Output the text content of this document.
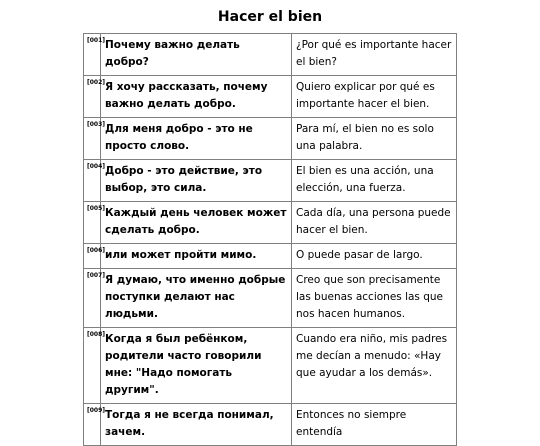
Hacer el bien
[001]	Почему важно делать добро?	¿Por qué es importante hacer el bien?

[002]	Я хочу рассказать, почему важно делать добро.	Quiero explicar por qué es importante hacer el bien.

[003]	Для меня добро - это не просто слово.	Para mí, el bien no es solo una palabra.

[004]	Добро - это действие, это выбор, это сила.	El bien es una acción, una elección, una fuerza.

[005]	Каждый день человек может сделать добро.	Cada día, una persona puede hacer el bien.

[006]	или может пройти мимо.	O puede pasar de largo.

[007]	Я думаю, что именно добрые поступки делают нас людьми.	Creo que son precisamente las buenas acciones las que nos hacen humanos.

[008]	Когда я был ребёнком, родители часто говорили мне: "Надо помогать другим".	Cuando era niño, mis padres me decían a menudo: «Hay que ayudar a los demás».

[009]	Тогда я не всегда понимал, зачем.	Entonces no siempre entendía
